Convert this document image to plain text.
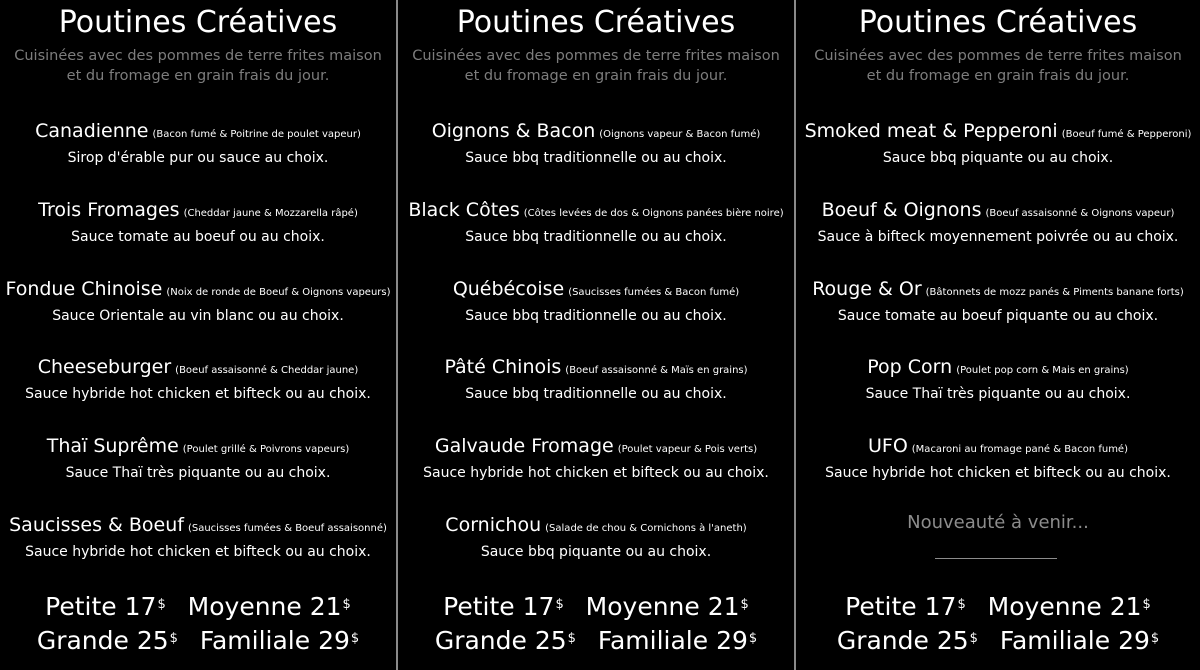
Poutines Créatives
Cuisinées avec des pommes de terre frites maison
et du fromage en grain frais du jour.
Canadienne (Bacon fumé & Poitrine de poulet vapeur)
Sirop d'érable pur ou sauce au choix.
Trois Fromages (Cheddar jaune & Mozzarella râpé)
Sauce tomate au boeuf ou au choix.
Fondue Chinoise (Noix de ronde de Boeuf & Oignons vapeurs)
Sauce Orientale au vin blanc ou au choix.
Cheeseburger (Boeuf assaisonné & Cheddar jaune)
Sauce hybride hot chicken et bifteck ou au choix.
Thaï Suprême (Poulet grillé & Poivrons vapeurs)
Sauce Thaï très piquante ou au choix.
Saucisses & Boeuf (Saucisses fumées & Boeuf assaisonné)
Sauce hybride hot chicken et bifteck ou au choix.
Petite 17$ Moyenne 21$
Grande 25$ Familiale 29$
Poutines Créatives
Cuisinées avec des pommes de terre frites maison
et du fromage en grain frais du jour.
Oignons & Bacon (Oignons vapeur & Bacon fumé)
Sauce bbq traditionnelle ou au choix.
Black Côtes (Côtes levées de dos & Oignons panées bière noire)
Sauce bbq traditionnelle ou au choix.
Québécoise (Saucisses fumées & Bacon fumé)
Sauce bbq traditionnelle ou au choix.
Pâté Chinois (Boeuf assaisonné & Maïs en grains)
Sauce bbq traditionnelle ou au choix.
Galvaude Fromage (Poulet vapeur & Pois verts)
Sauce hybride hot chicken et bifteck ou au choix.
Cornichou (Salade de chou & Cornichons à l'aneth)
Sauce bbq piquante ou au choix.
Petite 17$ Moyenne 21$
Grande 25$ Familiale 29$
Poutines Créatives
Cuisinées avec des pommes de terre frites maison
et du fromage en grain frais du jour.
Smoked meat & Pepperoni (Boeuf fumé & Pepperoni)
Sauce bbq piquante ou au choix.
Boeuf & Oignons (Boeuf assaisonné & Oignons vapeur)
Sauce à bifteck moyennement poivrée ou au choix.
Rouge & Or (Bâtonnets de mozz panés & Piments banane forts)
Sauce tomate au boeuf piquante ou au choix.
Pop Corn (Poulet pop corn & Mais en grains)
Sauce Thaï très piquante ou au choix.
UFO (Macaroni au fromage pané & Bacon fumé)
Sauce hybride hot chicken et bifteck ou au choix.
Nouveauté à venir...
Petite 17$ Moyenne 21$
Grande 25$ Familiale 29$
